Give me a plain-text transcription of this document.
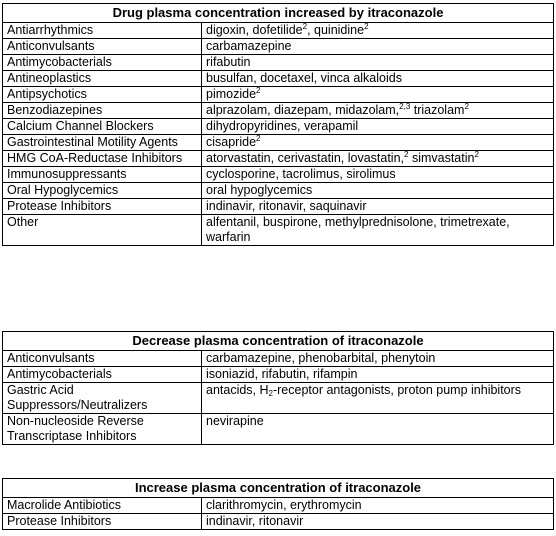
Drug plasma concentration increased by itraconazole	
Antiarrhythmics	digoxin, dofetilide$^2$, quinidine$^2$
Anticonvulsants	carbamazepine
Antimycobacterials	rifabutin
Antineoplastics	busulfan, docetaxel, vinca alkaloids
Antipsychotics	pimozide$^2$
Benzodiazepines	alprazolam, diazepam, midazolam,$^{2,3}$ triazolam$^2$
Calcium Channel Blockers	dihydropyridines, verapamil
Gastrointestinal Motility Agents	cisapride$^2$
HMG CoA-Reductase Inhibitors	atorvastatin, cerivastatin, lovastatin,$^2$ simvastatin$^2$
Immunosuppressants	cyclosporine, tacrolimus, sirolimus
Oral Hypoglycemics	oral hypoglycemics
Protease Inhibitors	indinavir, ritonavir, saquinavir
Other	alfentanil, buspirone, methylprednisolone, trimetrexate, warfarin
Decrease plasma concentration of itraconazole	
Anticonvulsants	carbamazepine, phenobarbital, phenytoin
Antimycobacterials	isoniazid, rifabutin, rifampin
Gastric Acid Suppressors/Neutralizers	antacids, $H_2$-receptor antagonists, proton pump inhibitors
Non-nucleoside Reverse Transcriptase Inhibitors	nevirapine
Increase plasma concentration of itraconazole	
Macrolide Antibiotics	clarithromycin, erythromycin
Protease Inhibitors	indinavir, ritonavir
